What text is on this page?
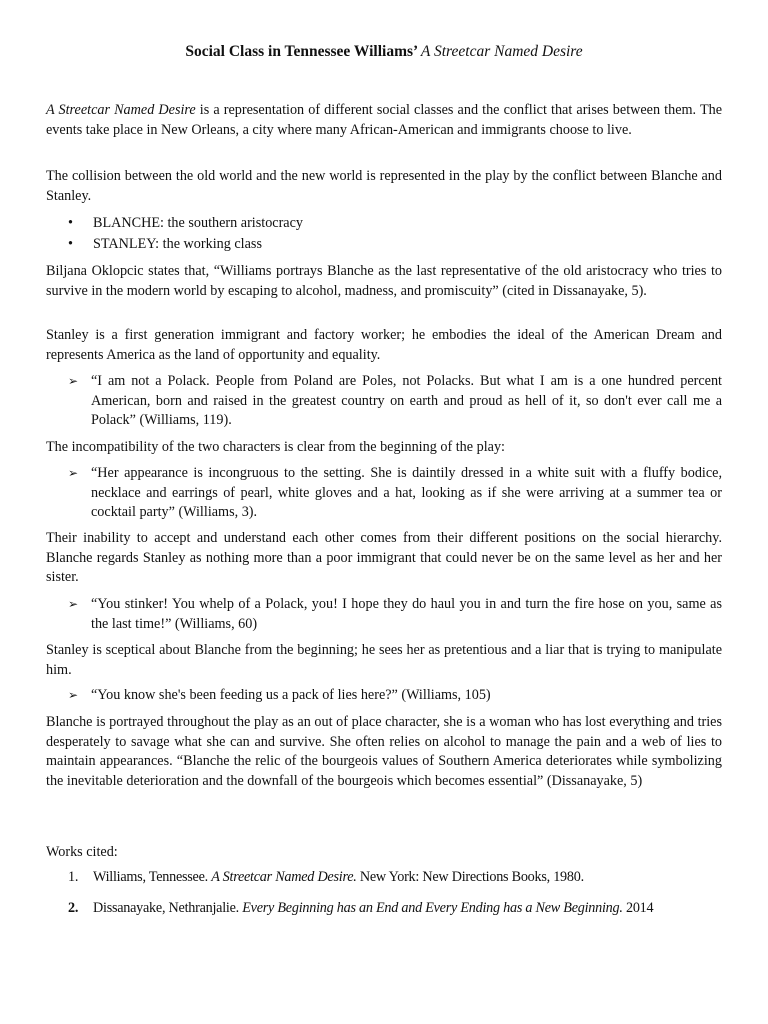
Social Class in Tennessee Williams’ A Streetcar Named Desire
A Streetcar Named Desire is a representation of different social classes and the conflict that arises between them. The events take place in New Orleans, a city where many African-American and immigrants choose to live.
The collision between the old world and the new world is represented in the play by the conflict between Blanche and Stanley.
• BLANCHE: the southern aristocracy
• STANLEY: the working class
Biljana Oklopcic states that, “Williams portrays Blanche as the last representative of the old aristocracy who tries to survive in the modern world by escaping to alcohol, madness, and promiscuity” (cited in Dissanayake, 5).
Stanley is a first generation immigrant and factory worker; he embodies the ideal of the American Dream and represents America as the land of opportunity and equality.
➢ “I am not a Polack. People from Poland are Poles, not Polacks. But what I am is a one hundred percent American, born and raised in the greatest country on earth and proud as hell of it, so don't ever call me a Polack” (Williams, 119).
The incompatibility of the two characters is clear from the beginning of the play:
➢ “Her appearance is incongruous to the setting. She is daintily dressed in a white suit with a fluffy bodice, necklace and earrings of pearl, white gloves and a hat, looking as if she were arriving at a summer tea or cocktail party” (Williams, 3).
Their inability to accept and understand each other comes from their different positions on the social hierarchy. Blanche regards Stanley as nothing more than a poor immigrant that could never be on the same level as her and her sister.
➢ “You stinker! You whelp of a Polack, you! I hope they do haul you in and turn the fire hose on you, same as the last time!” (Williams, 60)
Stanley is sceptical about Blanche from the beginning; he sees her as pretentious and a liar that is trying to manipulate him.
➢ “You know she's been feeding us a pack of lies here?” (Williams, 105)
Blanche is portrayed throughout the play as an out of place character, she is a woman who has lost everything and tries desperately to savage what she can and survive. She often relies on alcohol to manage the pain and a web of lies to maintain appearances. “Blanche the relic of the bourgeois values of Southern America deteriorates while symbolizing the inevitable deterioration and the downfall of the bourgeois which becomes essential” (Dissanayake, 5)
Works cited:
1. Williams, Tennessee. A Streetcar Named Desire. New York: New Directions Books, 1980.
2. Dissanayake, Nethranjalie. Every Beginning has an End and Every Ending has a New Beginning. 2014
